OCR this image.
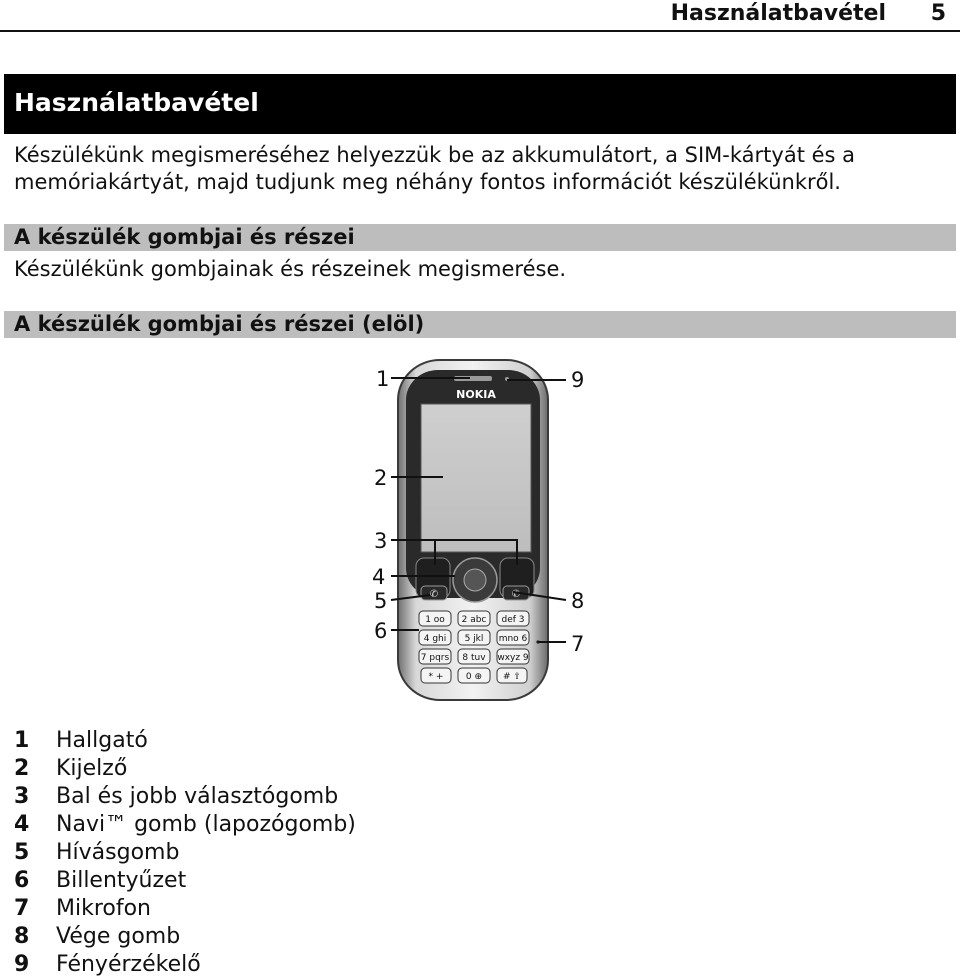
Használatbavétel 5
Használatbavétel
Készülékünk megismeréséhez helyezzük be az akkumulátort, a SIM-kártyát és a
memóriakártyát, majd tudjunk meg néhány fontos információt készülékünkről.
A készülék gombjai és részei
Készülékünk gombjainak és részeinek megismerése.
A készülék gombjai és részei (elöl)
NOKIA
✆	✆
1 ᴏᴏ 2 abc def 3
4 ghi 5 jkl mno 6
7 pqrs 8 tuv wxyz 9
* + 0 ⊕ # ⇧
1	9
2
3
4
5
6
8
7
1 Hallgató
2 Kijelző
3 Bal és jobb választógomb
4 Navi™ gomb (lapozógomb)
5 Hívásgomb
6 Billentyűzet
7 Mikrofon
8 Vége gomb
9 Fényérzékelő
